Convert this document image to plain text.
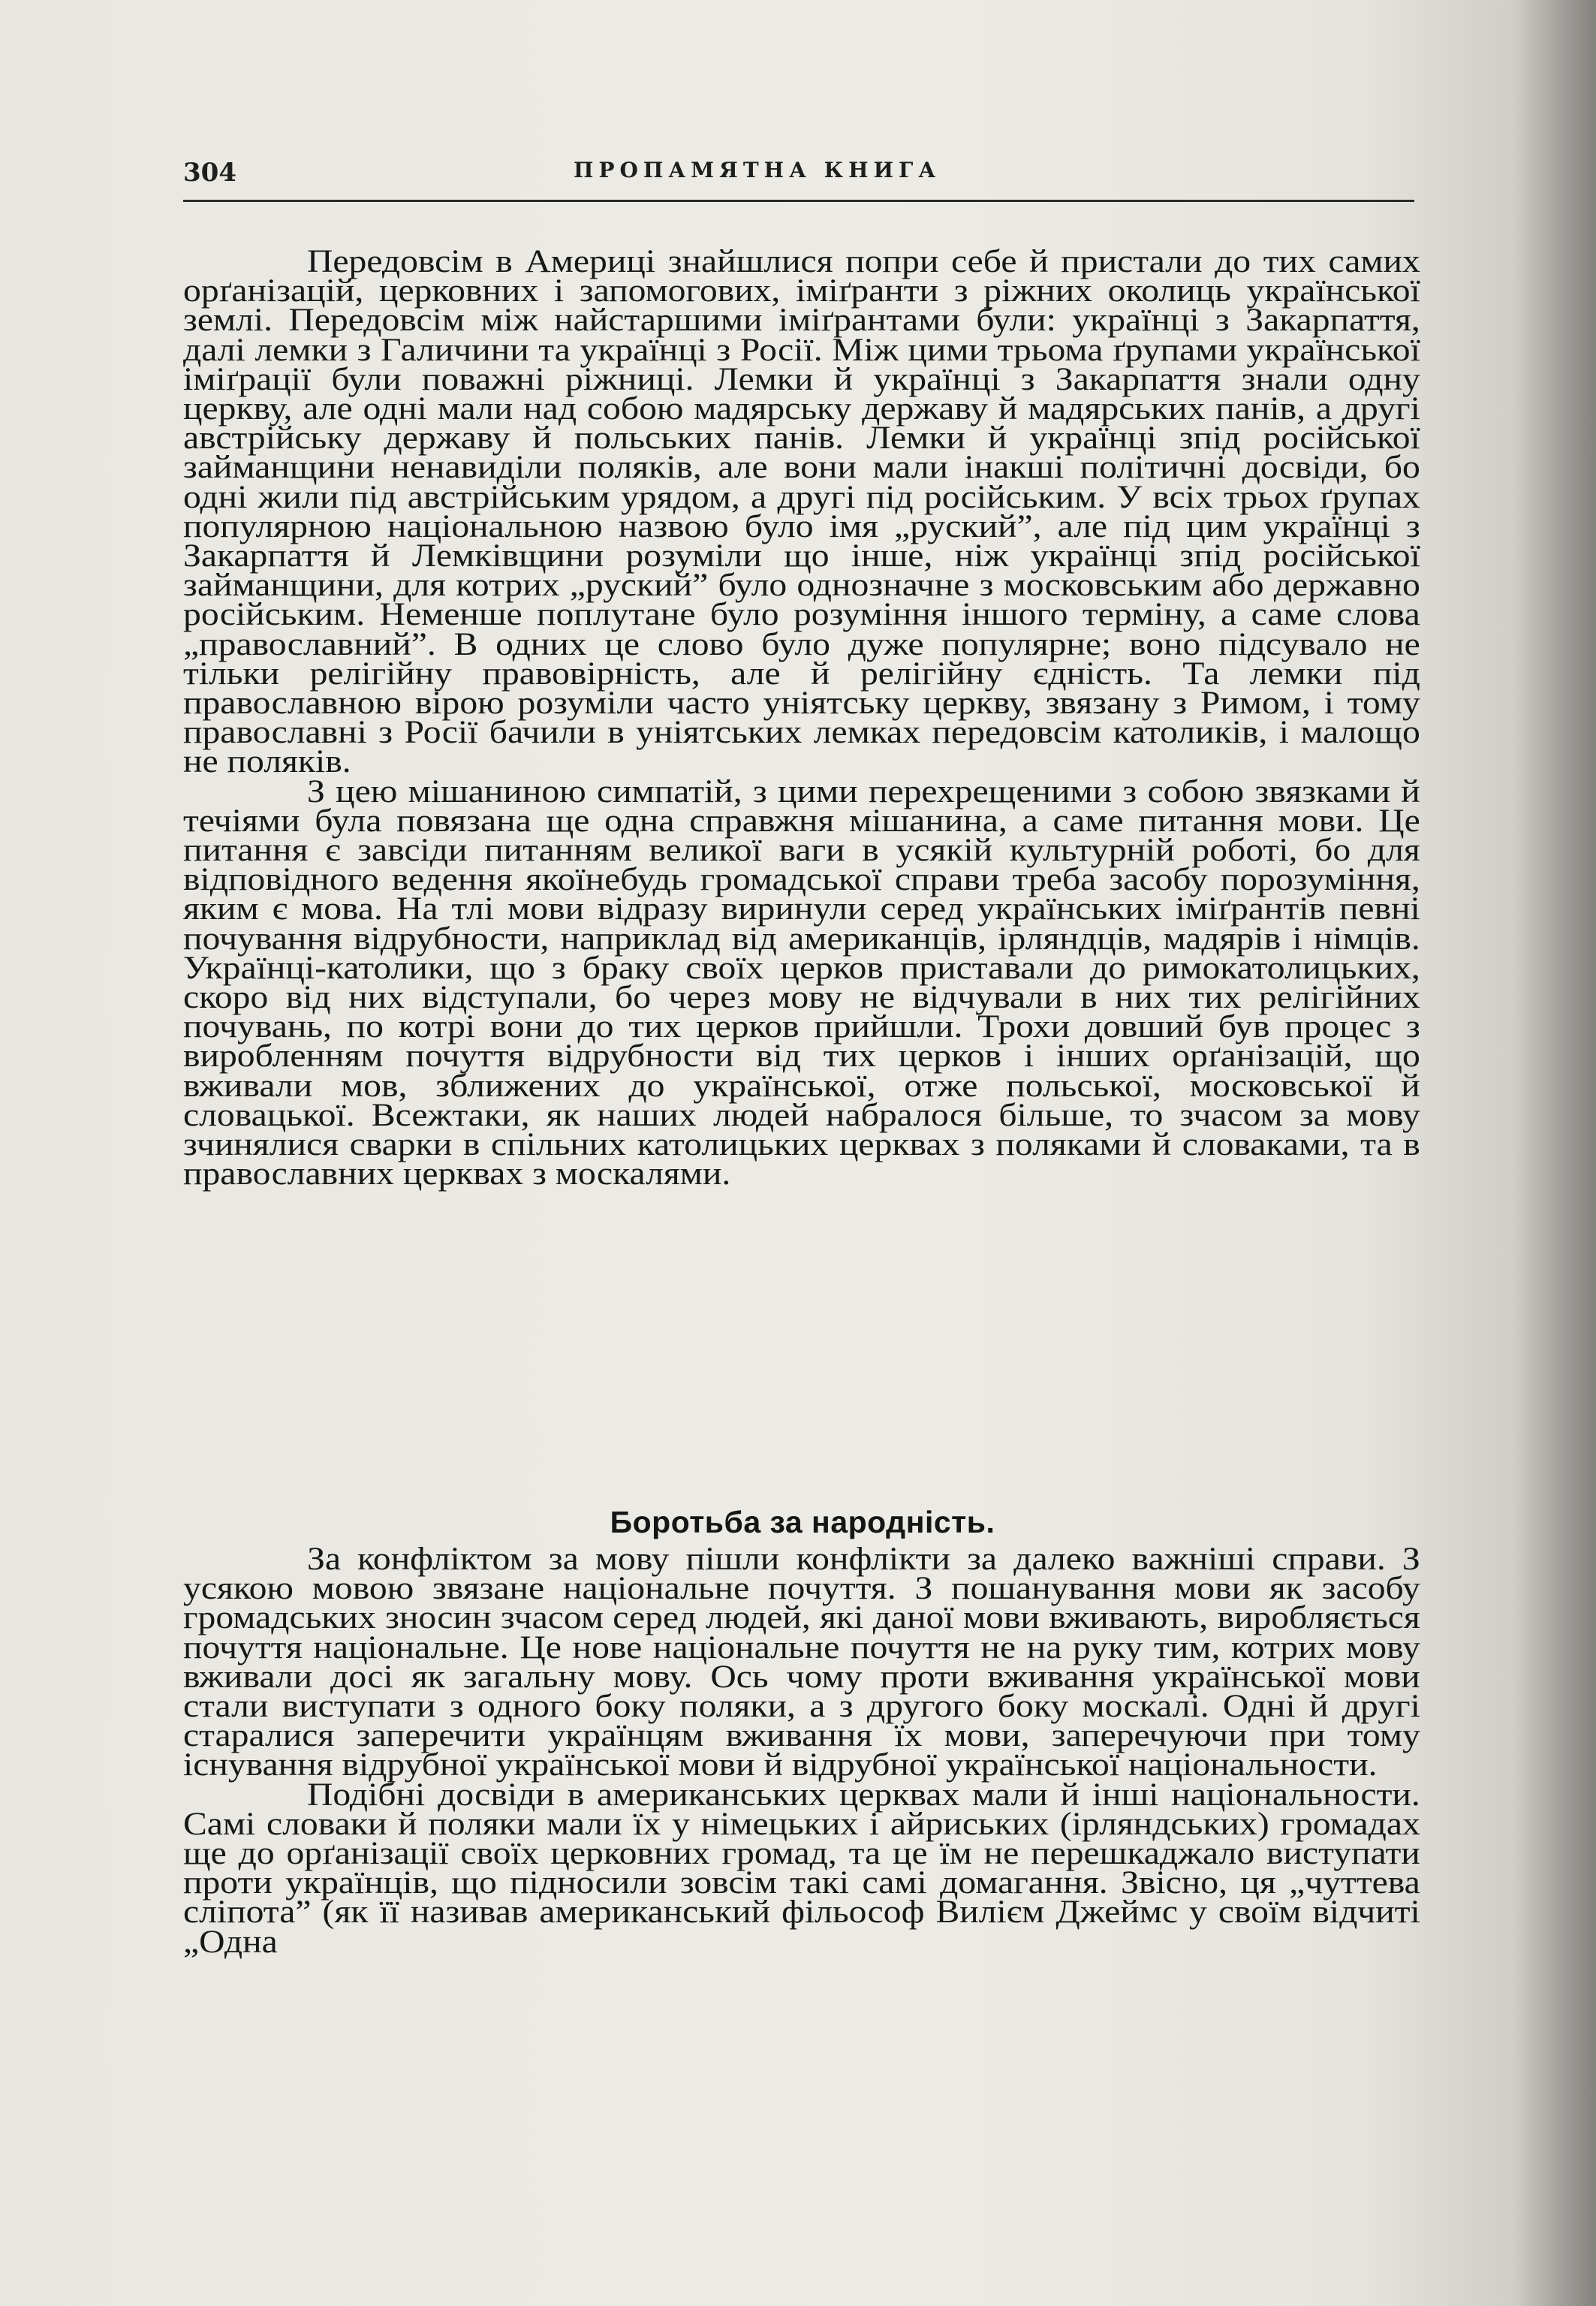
304	ПРОПАМЯТНА КНИГА

Передовсім в Америці знайшлися попри себе й пристали до тих самих орґанізацій, церковних і запомогових, іміґранти з ріжних околиць української землі. Передовсім між найстаршими іміґрантами були: українці з Закарпаття, далі лемки з Галичини та українці з Росії. Між цими трьома ґрупами української іміґрації були поважні ріжниці. Лемки й українці з Закарпаття знали одну церкву, але одні мали над собою мадярську державу й мадярських панів, а другі австрійську державу й польських панів. Лемки й українці зпід російської займанщини ненавиділи поляків, але вони мали інакші політичні досвіди, бо одні жили під австрійським урядом, а другі під російським. У всіх трьох ґрупах популярною національною назвою було імя „руский”, але під цим українці з Закарпаття й Лемківщини розуміли що інше, ніж українці зпід російської займанщини, для котрих „руский” було однозначне з московським або державно російським. Неменше поплутане було розуміння іншого терміну, а саме слова „православний”. В одних це слово було дуже популярне; воно підсувало не тільки релігійну правовірність, але й релігійну єдність. Та лемки під православною вірою розуміли часто уніятську церкву, звязану з Римом, і тому православні з Росії бачили в уніятських лемках передовсім католиків, і малощо не поляків.

З цею мішаниною симпатій, з цими перехрещеними з собою звязками й течіями була повязана ще одна справжня мішанина, а саме питання мови. Це питання є завсіди питанням великої ваги в усякій культурній роботі, бо для відповідного ведення якоїнебудь громадської справи треба засобу порозуміння, яким є мова. На тлі мови відразу виринули серед українських іміґрантів певні почування відрубности, наприклад від американців, ірляндців, мадярів і німців. Українці-католики, що з браку своїх церков приставали до римокатолицьких, скоро від них відступали, бо через мову не відчували в них тих релігійних почувань, по котрі вони до тих церков прийшли. Трохи довший був процес з виробленням почуття відрубности від тих церков і інших орґанізацій, що вживали мов, зближених до української, отже польської, московської й словацької. Всежтаки, як наших людей набралося більше, то зчасом за мову зчинялися сварки в спільних католицьких церквах з поляками й словаками, та в православних церквах з москалями.

Боротьба за народність.

За конфліктом за мову пішли конфлікти за далеко важніші справи. З усякою мовою звязане національне почуття. З пошанування мови як засобу громадських зносин зчасом серед людей, які даної мови вживають, виробляється почуття національне. Це нове національне почуття не на руку тим, котрих мову вживали досі як загальну мову. Ось чому проти вживання української мови стали виступати з одного боку поляки, а з другого боку москалі. Одні й другі старалися заперечити українцям вживання їх мови, заперечуючи при тому існування відрубної української мови й відрубної української національности.

Подібні досвіди в американських церквах мали й інші національности. Самі словаки й поляки мали їх у німецьких і айриських (ірляндських) громадах ще до орґанізації своїх церковних громад, та це їм не перешкаджало виступати проти українців, що підносили зовсім такі самі домагання. Звісно, ця „чуттева сліпота” (як її називав американський фільософ Вилієм Джеймс у своїм відчиті „Одна
